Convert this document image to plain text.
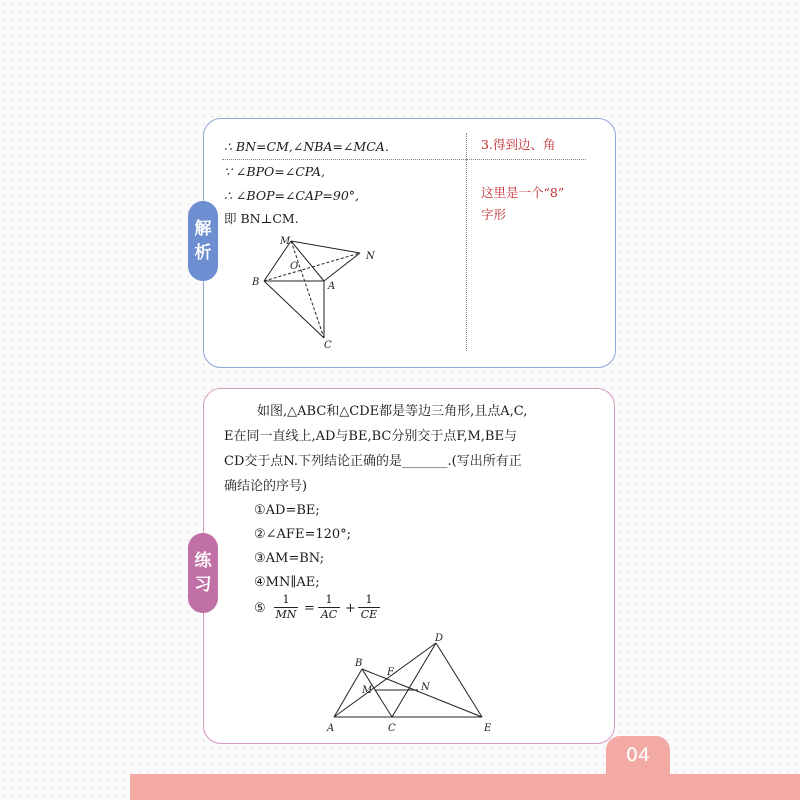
∴ BN=CM,∠NBA=∠MCA.
∵ ∠BPO=∠CPA,
∴ ∠BOP=∠CAP=90°,
即 BN⊥CM.
M
N
O
B	A
C
3.得到边、角
这里是一个“8”
字形
解
析
如图,△ABC和△CDE都是等边三角形,且点A,C,
E在同一直线上,AD与BE,BC分别交于点F,M,BE与
CD交于点N.下列结论正确的是_______.(写出所有正
确结论的序号)
①AD=BE;
②∠AFE=120°;
③AM=BN;
④MN∥AE;
⑤
1
MN =
1
AC +
1
CE
D
B
F
M	N
A	C	E
练
习
04
